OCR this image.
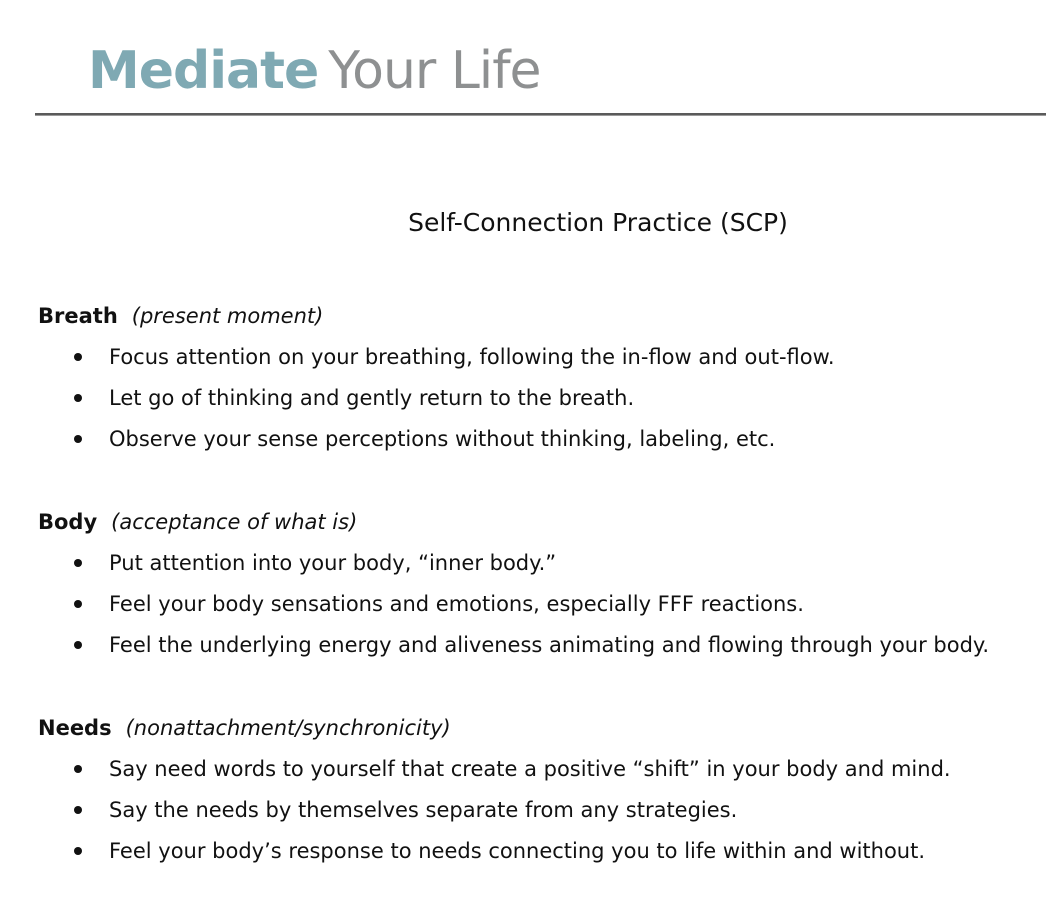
Mediate Your Life
Self-Connection Practice (SCP)
Breath (present moment)
Focus attention on your breathing, following the in-flow and out-flow.
Let go of thinking and gently return to the breath.
Observe your sense perceptions without thinking, labeling, etc.
Body (acceptance of what is)
Put attention into your body, “inner body.”
Feel your body sensations and emotions, especially FFF reactions.
Feel the underlying energy and aliveness animating and flowing through your body.
Needs (nonattachment/synchronicity)
Say need words to yourself that create a positive “shift” in your body and mind.
Say the needs by themselves separate from any strategies.
Feel your body’s response to needs connecting you to life within and without.
